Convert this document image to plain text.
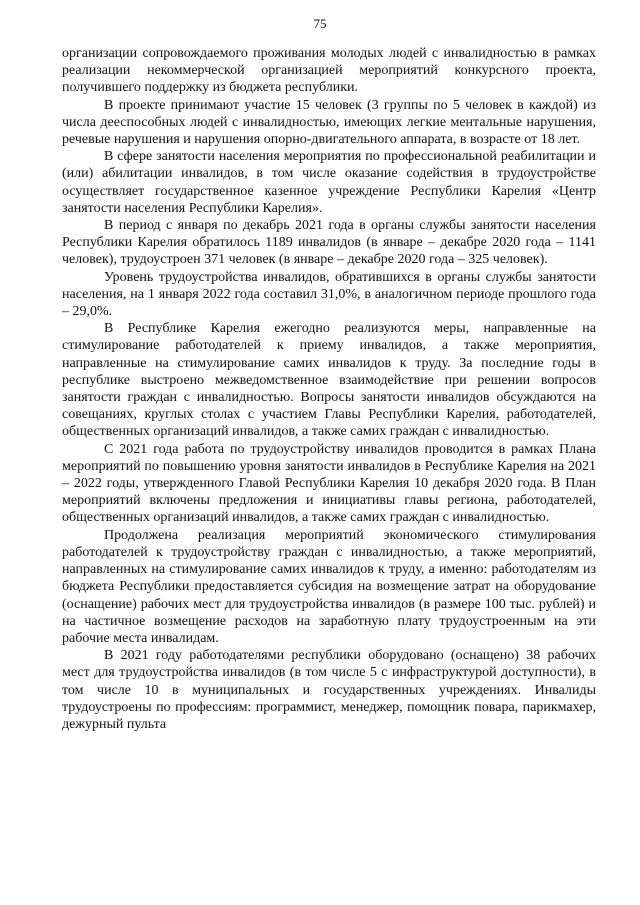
75

организации сопровождаемого проживания молодых людей с инвалидностью в рамках реализации некоммерческой организацией мероприятий конкурсного проекта, получившего поддержку из бюджета республики.

В проекте принимают участие 15 человек (3 группы по 5 человек в каждой) из числа дееспособных людей с инвалидностью, имеющих легкие ментальные нарушения, речевые нарушения и нарушения опорно-двигательного аппарата, в возрасте от 18 лет.

В сфере занятости населения мероприятия по профессиональной реабилитации и (или) абилитации инвалидов, в том числе оказание содействия в трудоустройстве осуществляет государственное казенное учреждение Республики Карелия «Центр занятости населения Республики Карелия».

В период с января по декабрь 2021 года в органы службы занятости населения Республики Карелия обратилось 1189 инвалидов (в январе – декабре 2020 года – 1141 человек), трудоустроен 371 человек (в январе – декабре 2020 года – 325 человек).

Уровень трудоустройства инвалидов, обратившихся в органы службы занятости населения, на 1 января 2022 года составил 31,0%, в аналогичном периоде прошлого года – 29,0%.

В Республике Карелия ежегодно реализуются меры, направленные на стимулирование работодателей к приему инвалидов, а также мероприятия, направленные на стимулирование самих инвалидов к труду. За последние годы в республике выстроено межведомственное взаимодействие при решении вопросов занятости граждан с инвалидностью. Вопросы занятости инвалидов обсуждаются на совещаниях, круглых столах с участием Главы Республики Карелия, работодателей, общественных организаций инвалидов, а также самих граждан с инвалидностью.

С 2021 года работа по трудоустройству инвалидов проводится в рамках Плана мероприятий по повышению уровня занятости инвалидов в Республике Карелия на 2021 – 2022 годы, утвержденного Главой Республики Карелия 10 декабря 2020 года. В План мероприятий включены предложения и инициативы главы региона, работодателей, общественных организаций инвалидов, а также самих граждан с инвалидностью.

Продолжена реализация мероприятий экономического стимулирования работодателей к трудоустройству граждан с инвалидностью, а также мероприятий, направленных на стимулирование самих инвалидов к труду, а именно: работодателям из бюджета Республики предоставляется субсидия на возмещение затрат на оборудование (оснащение) рабочих мест для трудоустройства инвалидов (в размере 100 тыс. рублей) и на частичное возмещение расходов на заработную плату трудоустроенным на эти рабочие места инвалидам.

В 2021 году работодателями республики оборудовано (оснащено) 38 рабочих мест для трудоустройства инвалидов (в том числе 5 с инфраструктурой доступности), в том числе 10 в муниципальных и государственных учреждениях. Инвалиды трудоустроены по профессиям: программист, менеджер, помощник повара, парикмахер, дежурный пульта
